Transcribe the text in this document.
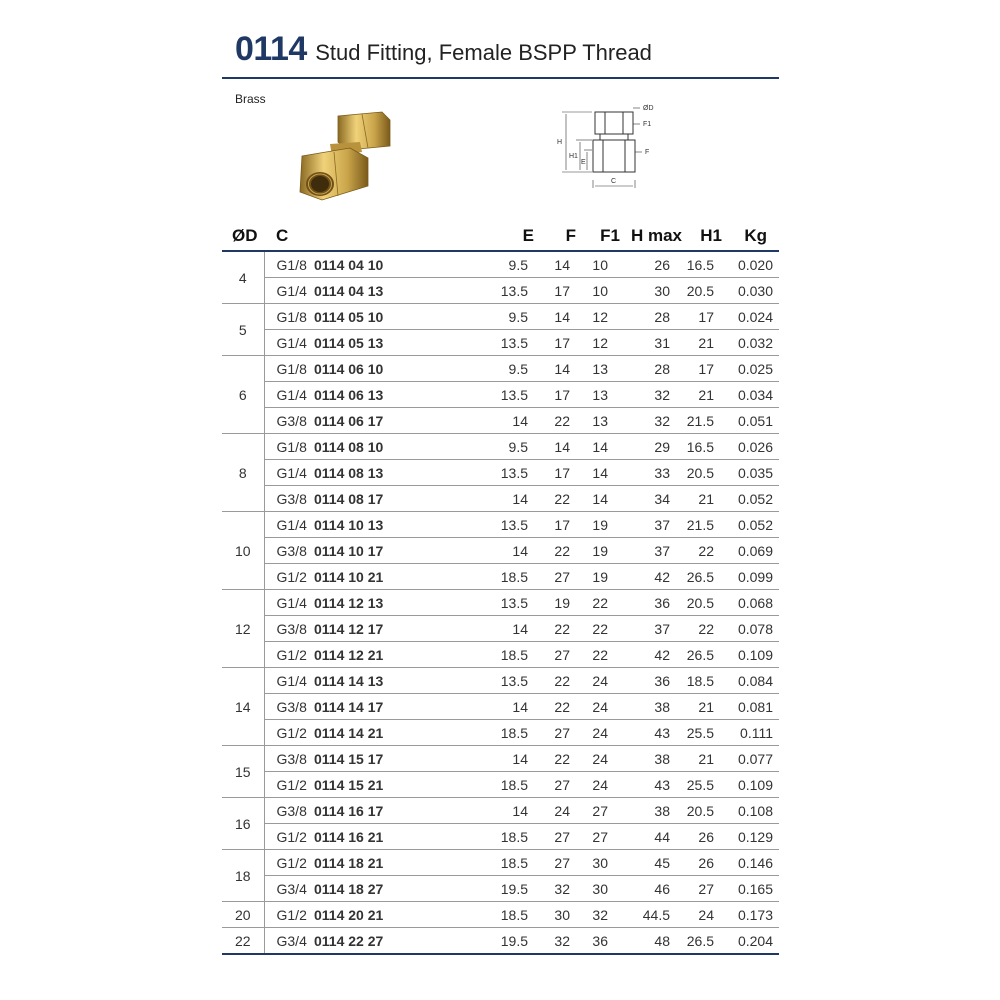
0114 Stud Fitting, Female BSPP Thread
Brass
ØD
F1
F
H
H1
E
C
ØD	C		E	F	F1	H max	H1	Kg
4	G1/8	0114 04 10	9.5	14	10	26	16.5	0.020
	G1/4	0114 04 13	13.5	17	10	30	20.5	0.030
5	G1/8	0114 05 10	9.5	14	12	28	17	0.024
	G1/4	0114 05 13	13.5	17	12	31	21	0.032
6	G1/8	0114 06 10	9.5	14	13	28	17	0.025
	G1/4	0114 06 13	13.5	17	13	32	21	0.034
	G3/8	0114 06 17	14	22	13	32	21.5	0.051
8	G1/8	0114 08 10	9.5	14	14	29	16.5	0.026
	G1/4	0114 08 13	13.5	17	14	33	20.5	0.035
	G3/8	0114 08 17	14	22	14	34	21	0.052
10	G1/4	0114 10 13	13.5	17	19	37	21.5	0.052
	G3/8	0114 10 17	14	22	19	37	22	0.069
	G1/2	0114 10 21	18.5	27	19	42	26.5	0.099
12	G1/4	0114 12 13	13.5	19	22	36	20.5	0.068
	G3/8	0114 12 17	14	22	22	37	22	0.078
	G1/2	0114 12 21	18.5	27	22	42	26.5	0.109
14	G1/4	0114 14 13	13.5	22	24	36	18.5	0.084
	G3/8	0114 14 17	14	22	24	38	21	0.081
	G1/2	0114 14 21	18.5	27	24	43	25.5	0.111
15	G3/8	0114 15 17	14	22	24	38	21	0.077
	G1/2	0114 15 21	18.5	27	24	43	25.5	0.109
16	G3/8	0114 16 17	14	24	27	38	20.5	0.108
	G1/2	0114 16 21	18.5	27	27	44	26	0.129
18	G1/2	0114 18 21	18.5	27	30	45	26	0.146
	G3/4	0114 18 27	19.5	32	30	46	27	0.165
20	G1/2	0114 20 21	18.5	30	32	44.5	24	0.173
22	G3/4	0114 22 27	19.5	32	36	48	26.5	0.204
